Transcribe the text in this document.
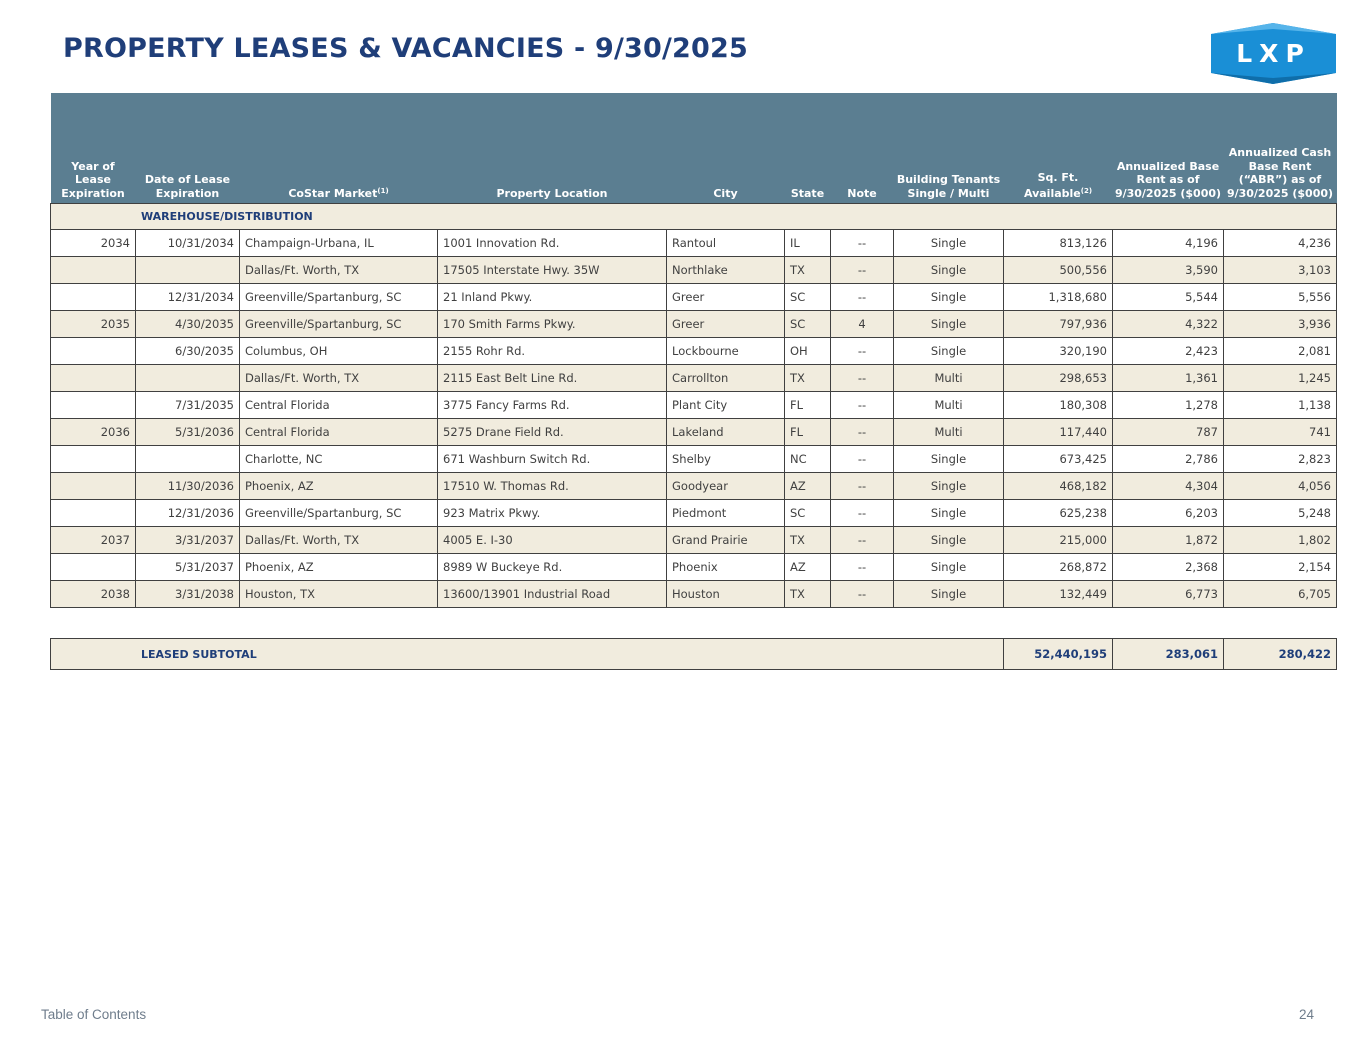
PROPERTY LEASES & VACANCIES - 9/30/2025	LXP
Year of Lease Expiration	Date of Lease Expiration	CoStar Market$^{(1)}$	Property Location	City	State	Note	Building Tenants Single / Multi	Sq. Ft. Available$^{(2)}$	Annualized Base Rent as of 9/30/2025 ($000)	Annualized Cash Base Rent (“ABR”) as of 9/30/2025 ($000)
WAREHOUSE/DISTRIBUTION										
2034	10/31/2034	Champaign-Urbana, IL	1001 Innovation Rd.	Rantoul	IL	--	Single	813,126	4,196	4,236
		Dallas/Ft. Worth, TX	17505 Interstate Hwy. 35W	Northlake	TX	--	Single	500,556	3,590	3,103
	12/31/2034	Greenville/Spartanburg, SC	21 Inland Pkwy.	Greer	SC	--	Single	1,318,680	5,544	5,556
2035	4/30/2035	Greenville/Spartanburg, SC	170 Smith Farms Pkwy.	Greer	SC	4	Single	797,936	4,322	3,936
	6/30/2035	Columbus, OH	2155 Rohr Rd.	Lockbourne	OH	--	Single	320,190	2,423	2,081
		Dallas/Ft. Worth, TX	2115 East Belt Line Rd.	Carrollton	TX	--	Multi	298,653	1,361	1,245
	7/31/2035	Central Florida	3775 Fancy Farms Rd.	Plant City	FL	--	Multi	180,308	1,278	1,138
2036	5/31/2036	Central Florida	5275 Drane Field Rd.	Lakeland	FL	--	Multi	117,440	787	741
		Charlotte, NC	671 Washburn Switch Rd.	Shelby	NC	--	Single	673,425	2,786	2,823
	11/30/2036	Phoenix, AZ	17510 W. Thomas Rd.	Goodyear	AZ	--	Single	468,182	4,304	4,056
	12/31/2036	Greenville/Spartanburg, SC	923 Matrix Pkwy.	Piedmont	SC	--	Single	625,238	6,203	5,248
2037	3/31/2037	Dallas/Ft. Worth, TX	4005 E. I-30	Grand Prairie	TX	--	Single	215,000	1,872	1,802
	5/31/2037	Phoenix, AZ	8989 W Buckeye Rd.	Phoenix	AZ	--	Single	268,872	2,368	2,154
2038	3/31/2038	Houston, TX	13600/13901 Industrial Road	Houston	TX	--	Single	132,449	6,773	6,705
LEASED SUBTOTAL	52,440,195	283,061	280,422
Table of Contents	24
